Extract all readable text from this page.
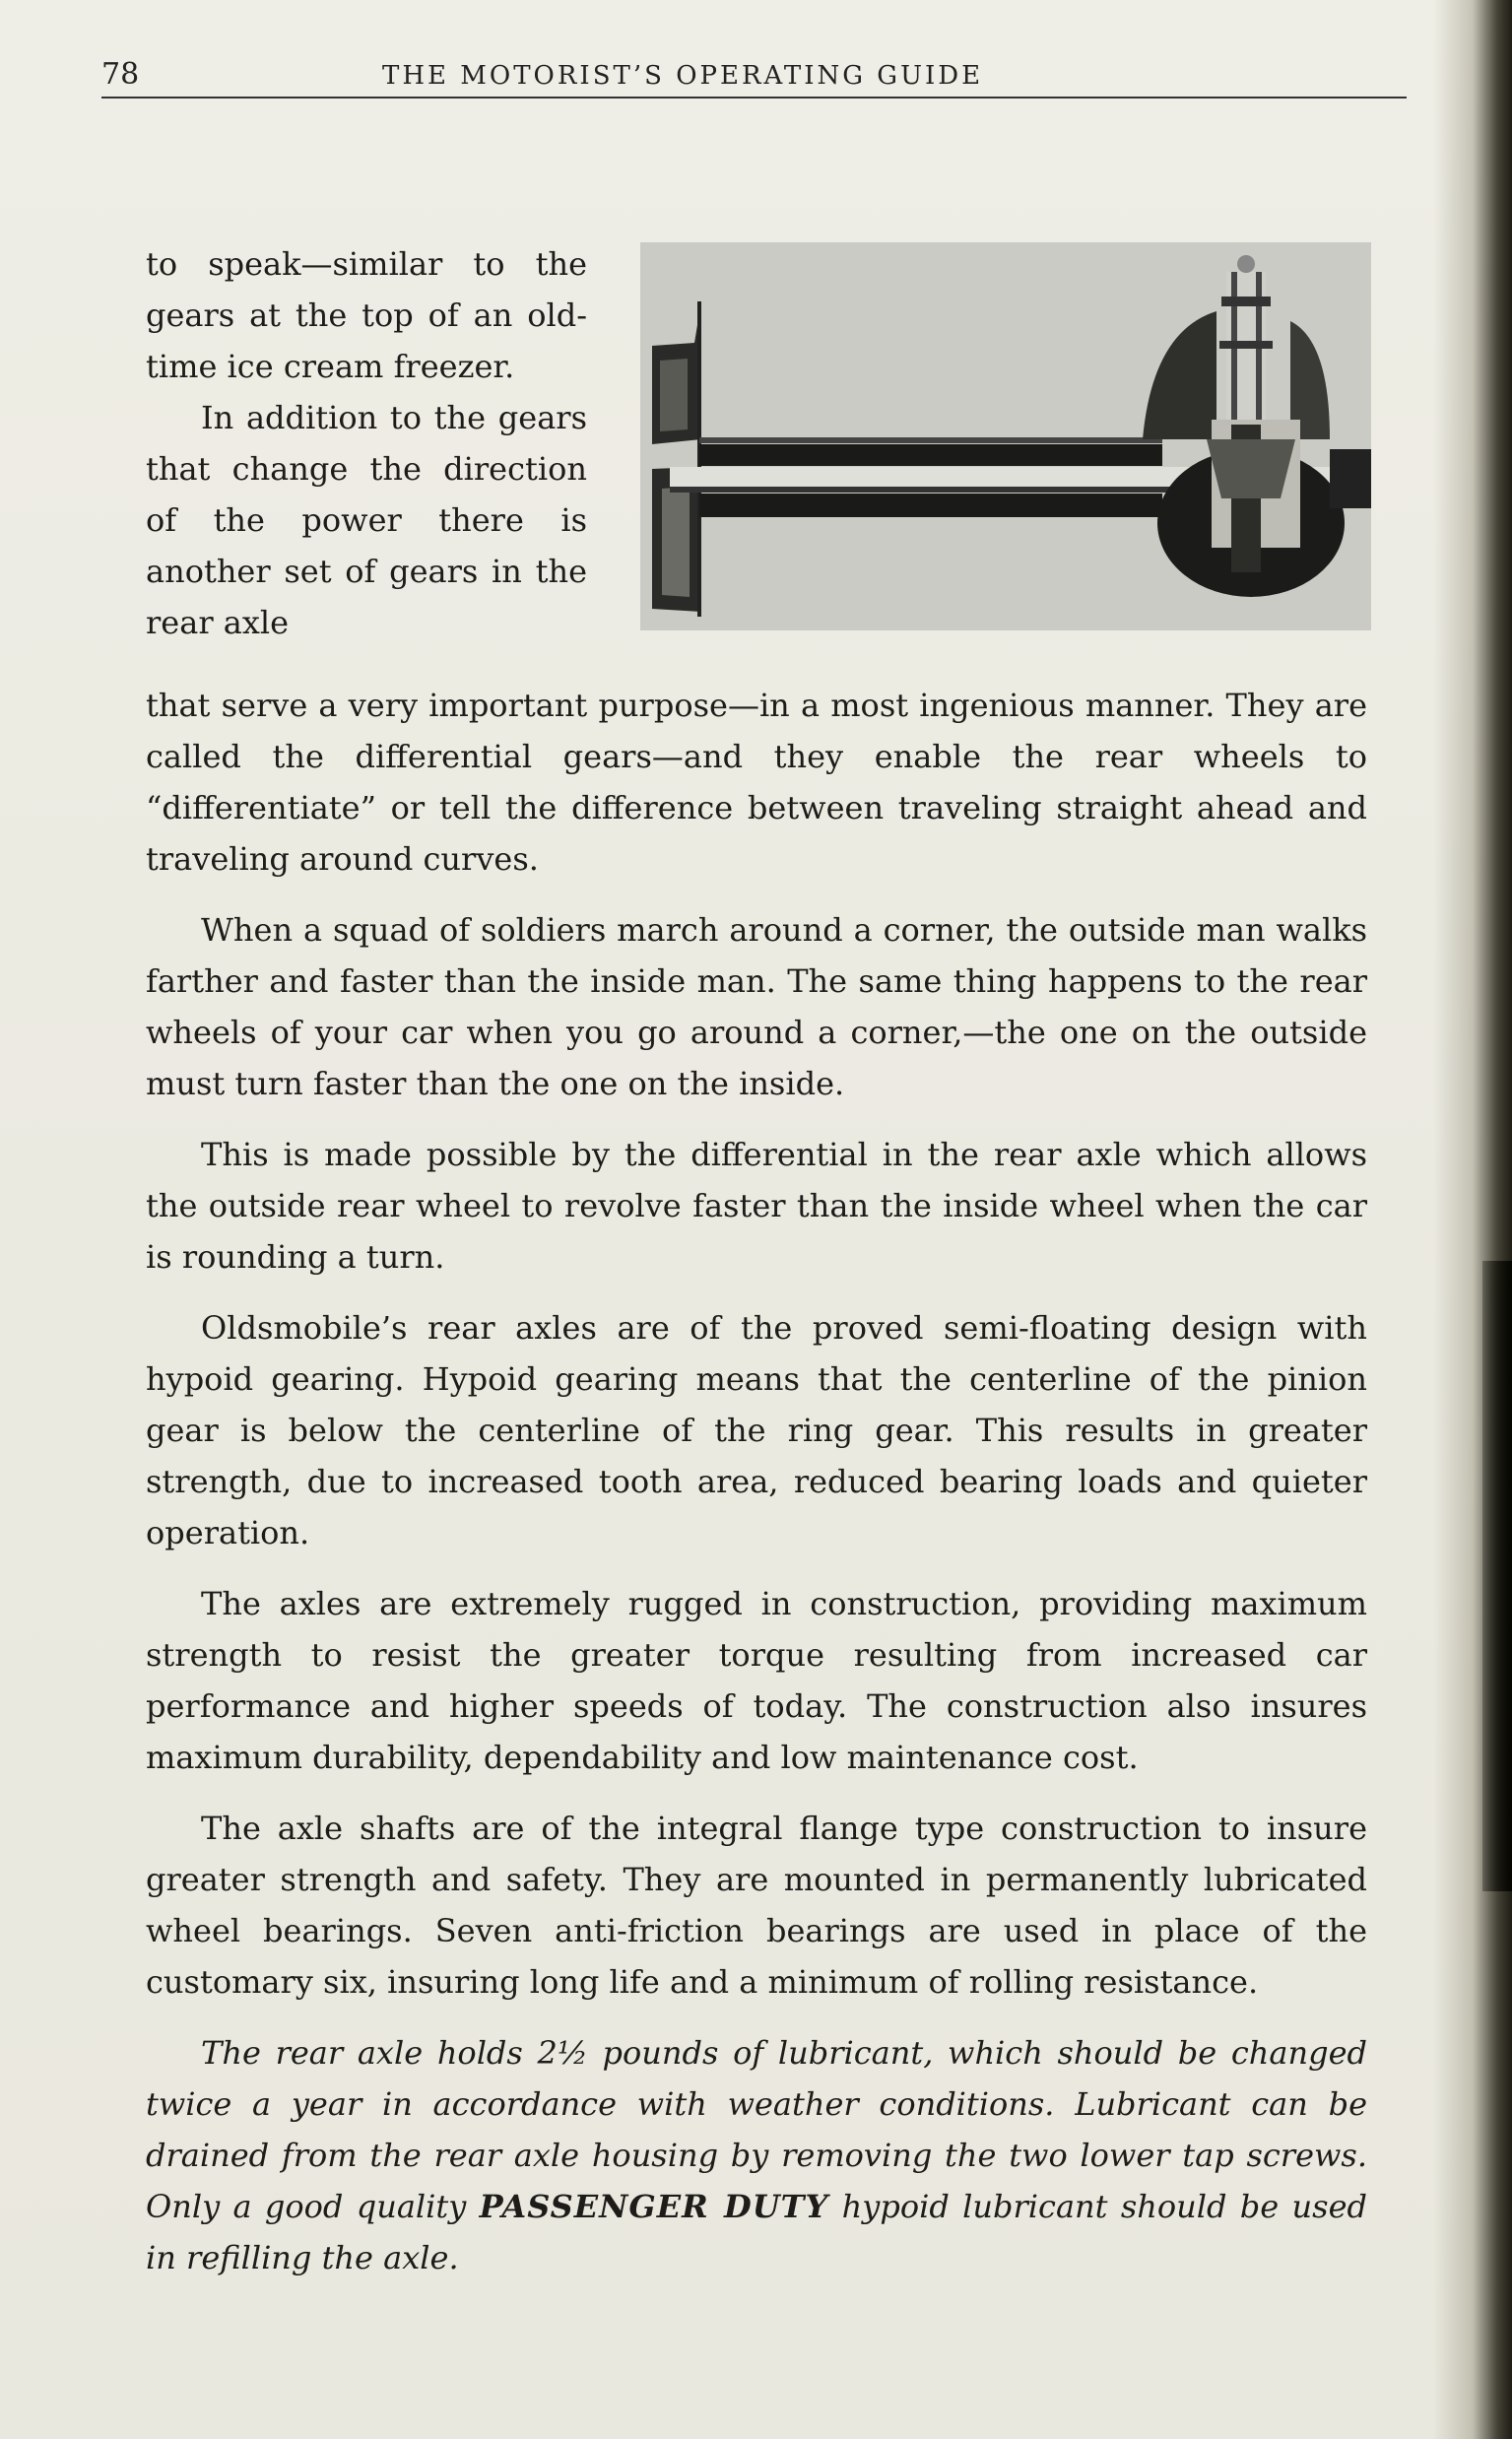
78	THE MOTORIST’S OPERATING GUIDE

to speak—similar to the gears at the top of an old-time ice cream freezer.

In addition to the gears that change the direction of the power there is another set of gears in the rear axle

that serve a very important purpose—in a most ingenious manner. They are called the differential gears—and they enable the rear wheels to “differentiate” or tell the difference between traveling straight ahead and traveling around curves.

When a squad of soldiers march around a corner, the outside man walks farther and faster than the inside man. The same thing happens to the rear wheels of your car when you go around a corner,—the one on the outside must turn faster than the one on the inside.

This is made possible by the differential in the rear axle which allows the outside rear wheel to revolve faster than the inside wheel when the car is rounding a turn.

Oldsmobile’s rear axles are of the proved semi-floating design with hypoid gearing. Hypoid gearing means that the centerline of the pinion gear is below the centerline of the ring gear. This results in greater strength, due to increased tooth area, reduced bearing loads and quieter operation.

The axles are extremely rugged in construction, providing maximum strength to resist the greater torque resulting from increased car performance and higher speeds of today. The construction also insures maximum durability, dependability and low maintenance cost.

The axle shafts are of the integral flange type construction to insure greater strength and safety. They are mounted in permanently lubricated wheel bearings. Seven anti-friction bearings are used in place of the customary six, insuring long life and a minimum of rolling resistance.

The rear axle holds 2½ pounds of lubricant, which should be changed twice a year in accordance with weather conditions. Lubricant can be drained from the rear axle housing by removing the two lower tap screws. Only a good quality PASSENGER DUTY hypoid lubricant should be used in refilling the axle.
